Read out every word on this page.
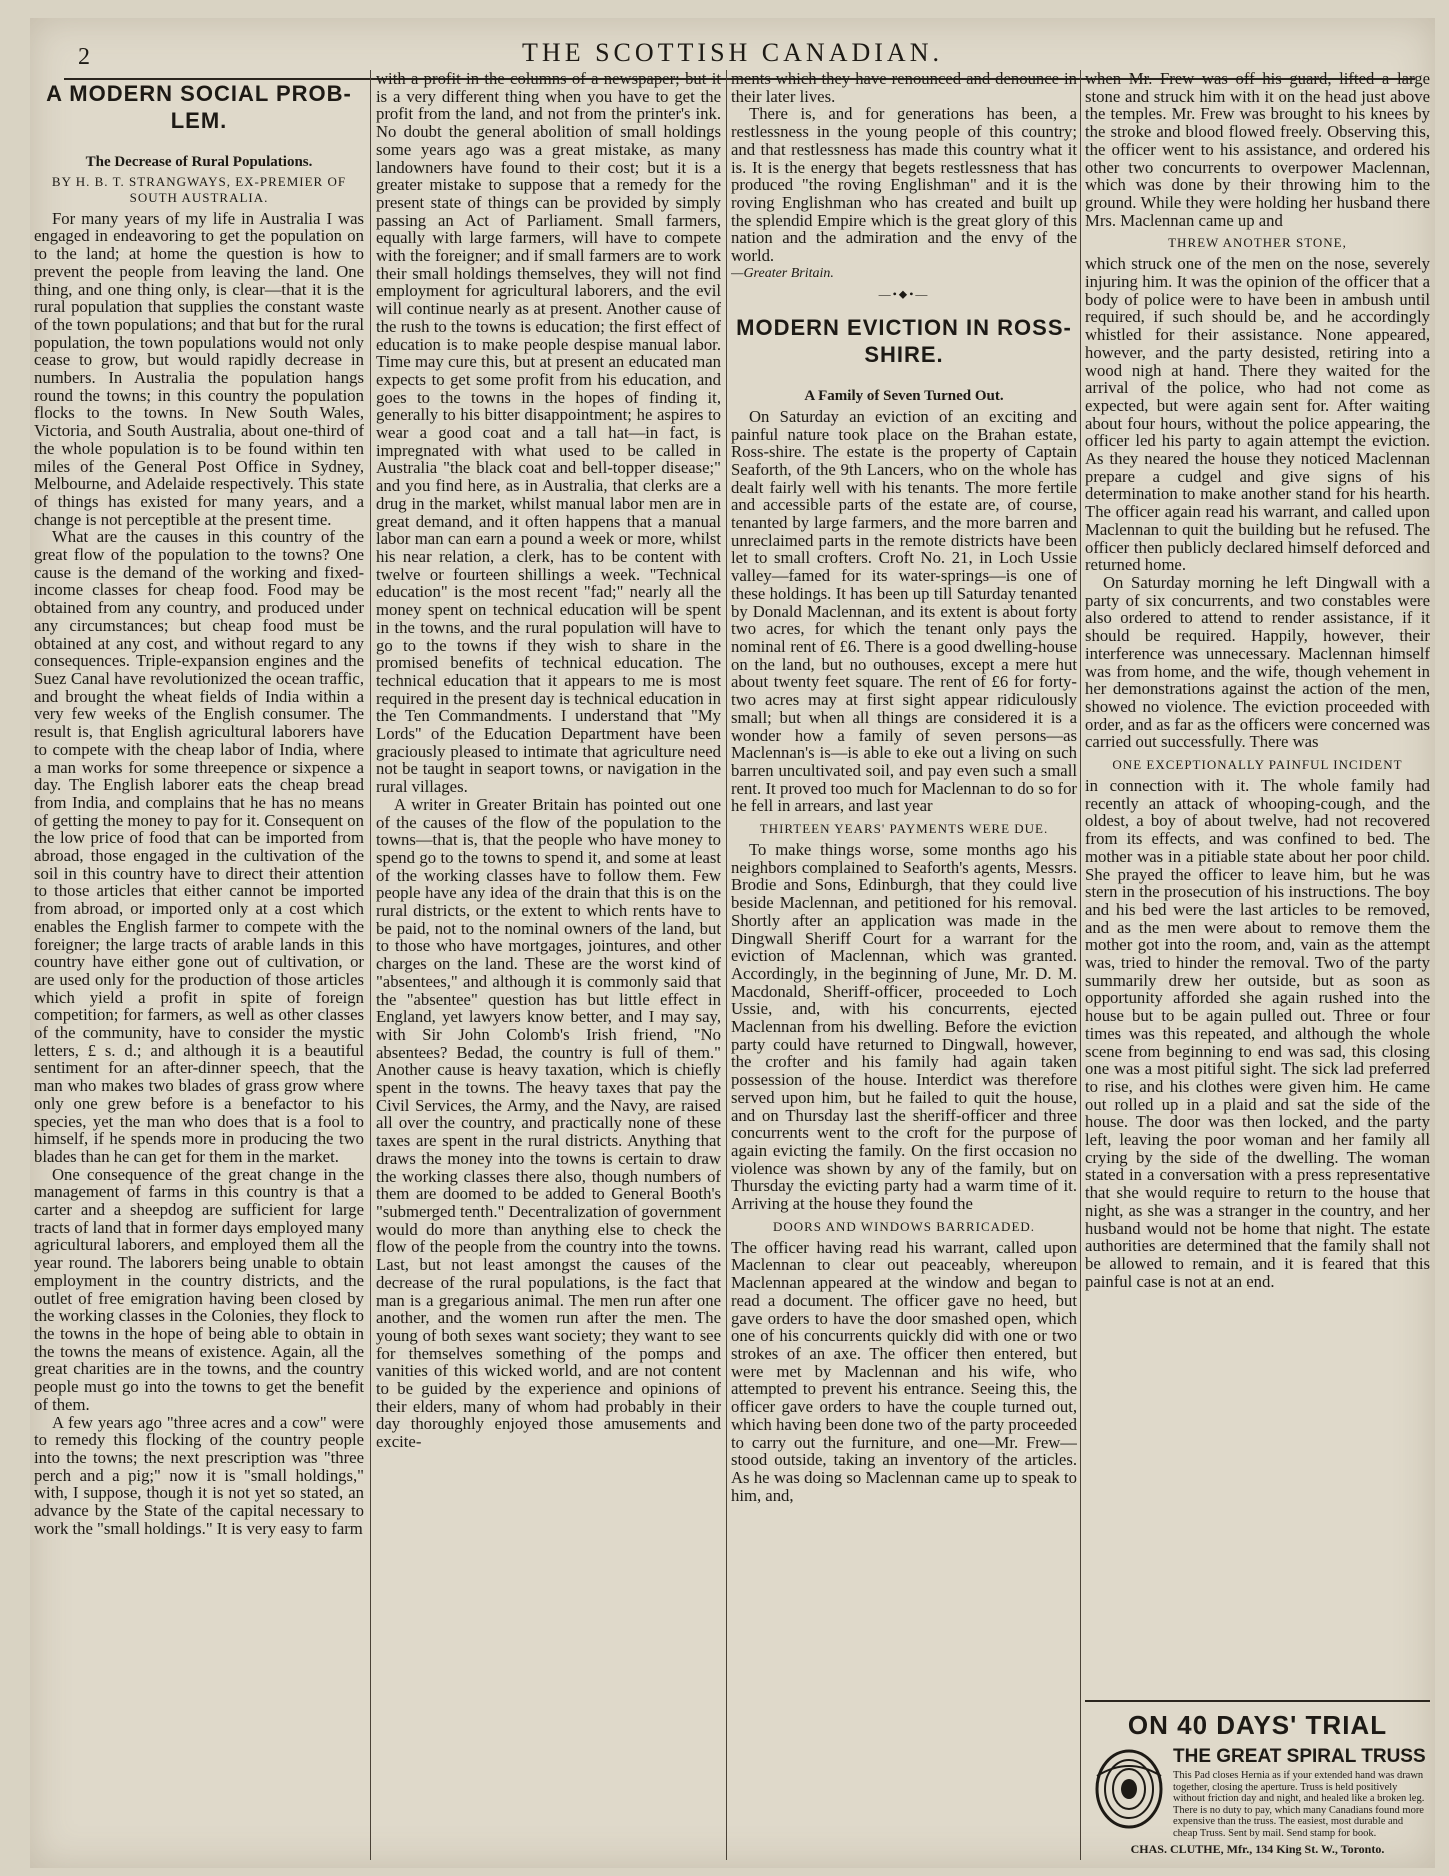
2	THE SCOTTISH CANADIAN.
A MODERN SOCIAL PROB-LEM.
The Decrease of Rural Populations.
BY H. B. T. STRANGWAYS, EX-PREMIER OF SOUTH AUSTRALIA.

For many years of my life in Australia I was engaged in endeavoring to get the population on to the land; at home the question is how to prevent the people from leaving the land. One thing, and one thing only, is clear—that it is the rural population that supplies the constant waste of the town populations; and that but for the rural population, the town populations would not only cease to grow, but would rapidly decrease in numbers. In Australia the population hangs round the towns; in this country the population flocks to the towns. In New South Wales, Victoria, and South Australia, about one-third of the whole population is to be found within ten miles of the General Post Office in Sydney, Melbourne, and Adelaide respectively. This state of things has existed for many years, and a change is not perceptible at the present time.

What are the causes in this country of the great flow of the population to the towns? One cause is the demand of the working and fixed-income classes for cheap food. Food may be obtained from any country, and produced under any circumstances; but cheap food must be obtained at any cost, and without regard to any consequences. Triple-expansion engines and the Suez Canal have revolutionized the ocean traffic, and brought the wheat fields of India within a very few weeks of the English consumer. The result is, that English agricultural laborers have to compete with the cheap labor of India, where a man works for some threepence or sixpence a day. The English laborer eats the cheap bread from India, and complains that he has no means of getting the money to pay for it. Consequent on the low price of food that can be imported from abroad, those engaged in the cultivation of the soil in this country have to direct their attention to those articles that either cannot be imported from abroad, or imported only at a cost which enables the English farmer to compete with the foreigner; the large tracts of arable lands in this country have either gone out of cultivation, or are used only for the production of those articles which yield a profit in spite of foreign competition; for farmers, as well as other classes of the community, have to consider the mystic letters, £ s. d.; and although it is a beautiful sentiment for an after-dinner speech, that the man who makes two blades of grass grow where only one grew before is a benefactor to his species, yet the man who does that is a fool to himself, if he spends more in producing the two blades than he can get for them in the market.

One consequence of the great change in the management of farms in this country is that a carter and a sheepdog are sufficient for large tracts of land that in former days employed many agricultural laborers, and employed them all the year round. The laborers being unable to obtain employment in the country districts, and the outlet of free emigration having been closed by the working classes in the Colonies, they flock to the towns in the hope of being able to obtain in the towns the means of existence. Again, all the great charities are in the towns, and the country people must go into the towns to get the benefit of them.

A few years ago "three acres and a cow" were to remedy this flocking of the country people into the towns; the next prescription was "three perch and a pig;" now it is "small holdings," with, I suppose, though it is not yet so stated, an advance by the State of the capital necessary to work the "small holdings." It is very easy to farm

with a profit in the columns of a newspaper; but it is a very different thing when you have to get the profit from the land, and not from the printer's ink. No doubt the general abolition of small holdings some years ago was a great mistake, as many landowners have found to their cost; but it is a greater mistake to suppose that a remedy for the present state of things can be provided by simply passing an Act of Parliament. Small farmers, equally with large farmers, will have to compete with the foreigner; and if small farmers are to work their small holdings themselves, they will not find employment for agricultural laborers, and the evil will continue nearly as at present. Another cause of the rush to the towns is education; the first effect of education is to make people despise manual labor. Time may cure this, but at present an educated man expects to get some profit from his education, and goes to the towns in the hopes of finding it, generally to his bitter disappointment; he aspires to wear a good coat and a tall hat—in fact, is impregnated with what used to be called in Australia "the black coat and bell-topper disease;" and you find here, as in Australia, that clerks are a drug in the market, whilst manual labor men are in great demand, and it often happens that a manual labor man can earn a pound a week or more, whilst his near relation, a clerk, has to be content with twelve or fourteen shillings a week. "Technical education" is the most recent "fad;" nearly all the money spent on technical education will be spent in the towns, and the rural population will have to go to the towns if they wish to share in the promised benefits of technical education. The technical education that it appears to me is most required in the present day is technical education in the Ten Commandments. I understand that "My Lords" of the Education Department have been graciously pleased to intimate that agriculture need not be taught in seaport towns, or navigation in the rural villages.

A writer in Greater Britain has pointed out one of the causes of the flow of the population to the towns—that is, that the people who have money to spend go to the towns to spend it, and some at least of the working classes have to follow them. Few people have any idea of the drain that this is on the rural districts, or the extent to which rents have to be paid, not to the nominal owners of the land, but to those who have mortgages, jointures, and other charges on the land. These are the worst kind of "absentees," and although it is commonly said that the "absentee" question has but little effect in England, yet lawyers know better, and I may say, with Sir John Colomb's Irish friend, "No absentees? Bedad, the country is full of them." Another cause is heavy taxation, which is chiefly spent in the towns. The heavy taxes that pay the Civil Services, the Army, and the Navy, are raised all over the country, and practically none of these taxes are spent in the rural districts. Anything that draws the money into the towns is certain to draw the working classes there also, though numbers of them are doomed to be added to General Booth's "submerged tenth." Decentralization of government would do more than anything else to check the flow of the people from the country into the towns. Last, but not least amongst the causes of the decrease of the rural populations, is the fact that man is a gregarious animal. The men run after one another, and the women run after the men. The young of both sexes want society; they want to see for themselves something of the pomps and vanities of this wicked world, and are not content to be guided by the experience and opinions of their elders, many of whom had probably in their day thoroughly enjoyed those amusements and excite-

ments which they have renounced and denounce in their later lives.

There is, and for generations has been, a restlessness in the young people of this country; and that restlessness has made this country what it is. It is the energy that begets restlessness that has produced "the roving Englishman" and it is the roving Englishman who has created and built up the splendid Empire which is the great glory of this nation and the admiration and the envy of the world.

—Greater Britain.

—•⬥•—
MODERN EVICTION IN ROSS-SHIRE.
A Family of Seven Turned Out.

On Saturday an eviction of an exciting and painful nature took place on the Brahan estate, Ross-shire. The estate is the property of Captain Seaforth, of the 9th Lancers, who on the whole has dealt fairly well with his tenants. The more fertile and accessible parts of the estate are, of course, tenanted by large farmers, and the more barren and unreclaimed parts in the remote districts have been let to small crofters. Croft No. 21, in Loch Ussie valley—famed for its water-springs—is one of these holdings. It has been up till Saturday tenanted by Donald Maclennan, and its extent is about forty two acres, for which the tenant only pays the nominal rent of £6. There is a good dwelling-house on the land, but no outhouses, except a mere hut about twenty feet square. The rent of £6 for forty-two acres may at first sight appear ridiculously small; but when all things are considered it is a wonder how a family of seven persons—as Maclennan's is—is able to eke out a living on such barren uncultivated soil, and pay even such a small rent. It proved too much for Maclennan to do so for he fell in arrears, and last year

THIRTEEN YEARS' PAYMENTS WERE DUE.

To make things worse, some months ago his neighbors complained to Seaforth's agents, Messrs. Brodie and Sons, Edinburgh, that they could live beside Maclennan, and petitioned for his removal. Shortly after an application was made in the Dingwall Sheriff Court for a warrant for the eviction of Maclennan, which was granted. Accordingly, in the beginning of June, Mr. D. M. Macdonald, Sheriff-officer, proceeded to Loch Ussie, and, with his concurrents, ejected Maclennan from his dwelling. Before the eviction party could have returned to Dingwall, however, the crofter and his family had again taken possession of the house. Interdict was therefore served upon him, but he failed to quit the house, and on Thursday last the sheriff-officer and three concurrents went to the croft for the purpose of again evicting the family. On the first occasion no violence was shown by any of the family, but on Thursday the evicting party had a warm time of it. Arriving at the house they found the

DOORS AND WINDOWS BARRICADED.

The officer having read his warrant, called upon Maclennan to clear out peaceably, whereupon Maclennan appeared at the window and began to read a document. The officer gave no heed, but gave orders to have the door smashed open, which one of his concurrents quickly did with one or two strokes of an axe. The officer then entered, but were met by Maclennan and his wife, who attempted to prevent his entrance. Seeing this, the officer gave orders to have the couple turned out, which having been done two of the party proceeded to carry out the furniture, and one—Mr. Frew—stood outside, taking an inventory of the articles. As he was doing so Maclennan came up to speak to him, and,

when Mr. Frew was off his guard, lifted a large stone and struck him with it on the head just above the temples. Mr. Frew was brought to his knees by the stroke and blood flowed freely. Observing this, the officer went to his assistance, and ordered his other two concurrents to overpower Maclennan, which was done by their throwing him to the ground. While they were holding her husband there Mrs. Maclennan came up and

THREW ANOTHER STONE,

which struck one of the men on the nose, severely injuring him. It was the opinion of the officer that a body of police were to have been in ambush until required, if such should be, and he accordingly whistled for their assistance. None appeared, however, and the party desisted, retiring into a wood nigh at hand. There they waited for the arrival of the police, who had not come as expected, but were again sent for. After waiting about four hours, without the police appearing, the officer led his party to again attempt the eviction. As they neared the house they noticed Maclennan prepare a cudgel and give signs of his determination to make another stand for his hearth. The officer again read his warrant, and called upon Maclennan to quit the building but he refused. The officer then publicly declared himself deforced and returned home.

On Saturday morning he left Dingwall with a party of six concurrents, and two constables were also ordered to attend to render assistance, if it should be required. Happily, however, their interference was unnecessary. Maclennan himself was from home, and the wife, though vehement in her demonstrations against the action of the men, showed no violence. The eviction proceeded with order, and as far as the officers were concerned was carried out successfully. There was

ONE EXCEPTIONALLY PAINFUL INCIDENT

in connection with it. The whole family had recently an attack of whooping-cough, and the oldest, a boy of about twelve, had not recovered from its effects, and was confined to bed. The mother was in a pitiable state about her poor child. She prayed the officer to leave him, but he was stern in the prosecution of his instructions. The boy and his bed were the last articles to be removed, and as the men were about to remove them the mother got into the room, and, vain as the attempt was, tried to hinder the removal. Two of the party summarily drew her outside, but as soon as opportunity afforded she again rushed into the house but to be again pulled out. Three or four times was this repeated, and although the whole scene from beginning to end was sad, this closing one was a most pitiful sight. The sick lad preferred to rise, and his clothes were given him. He came out rolled up in a plaid and sat the side of the house. The door was then locked, and the party left, leaving the poor woman and her family all crying by the side of the dwelling. The woman stated in a conversation with a press representative that she would require to return to the house that night, as she was a stranger in the country, and her husband would not be home that night. The estate authorities are determined that the family shall not be allowed to remain, and it is feared that this painful case is not at an end.

ON 40 DAYS' TRIAL
THE GREAT SPIRAL TRUSS
This Pad closes Hernia as if your extended hand was drawn together, closing the aperture. Truss is held positively without friction day and night, and healed like a broken leg. There is no duty to pay, which many Canadians found more expensive than the truss. The easiest, most durable and cheap Truss. Sent by mail. Send stamp for book.
CHAS. CLUTHE, Mfr., 134 King St. W., Toronto.
